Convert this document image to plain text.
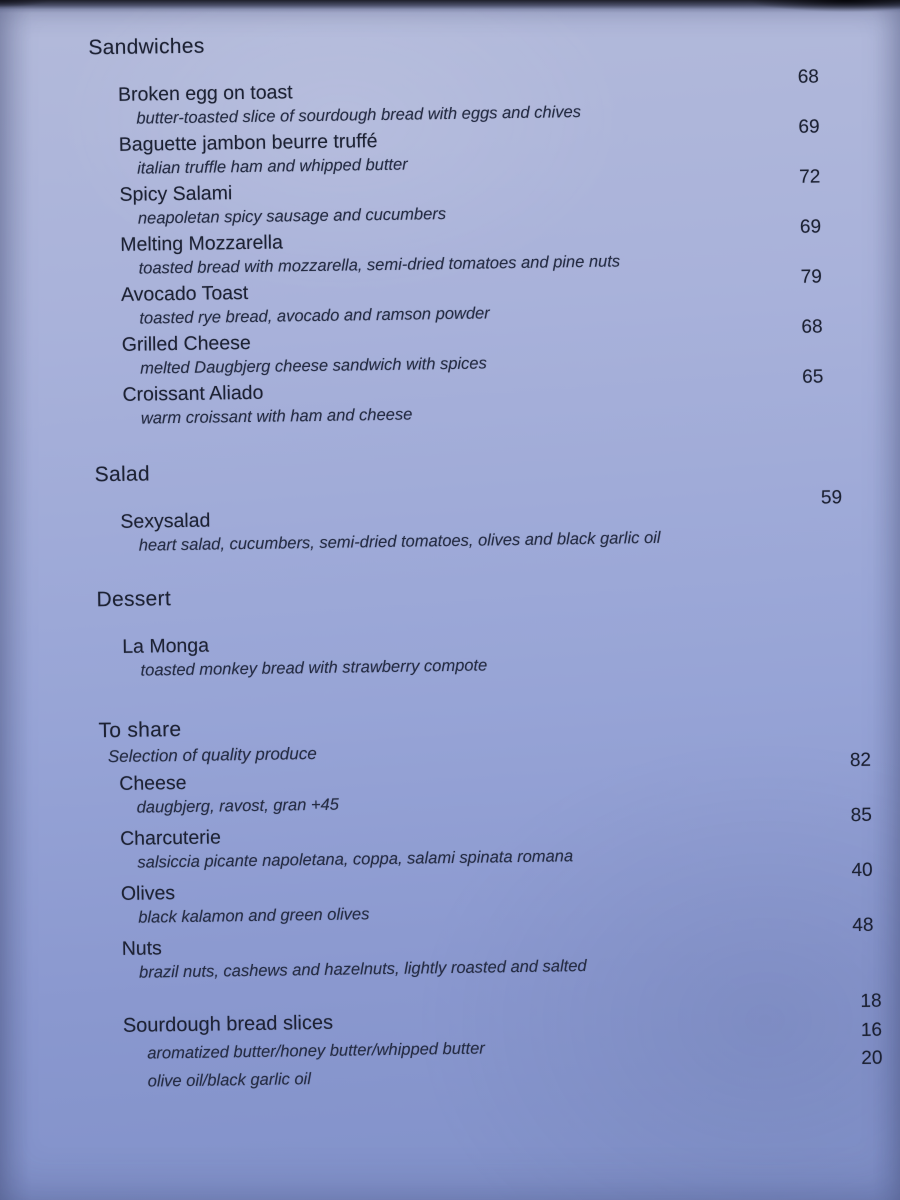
Sandwiches
Broken egg on toast
68
butter-toasted slice of sourdough bread with eggs and chives
Baguette jambon beurre truffé
69
italian truffle ham and whipped butter
Spicy Salami
72
neapoletan spicy sausage and cucumbers
Melting Mozzarella
69
toasted bread with mozzarella, semi-dried tomatoes and pine nuts
Avocado Toast
79
toasted rye bread, avocado and ramson powder
Grilled Cheese
68
melted Daugbjerg cheese sandwich with spices
Croissant Aliado
65
warm croissant with ham and cheese
Salad
Sexysalad
59
heart salad, cucumbers, semi-dried tomatoes, olives and black garlic oil
Dessert
La Monga
toasted monkey bread with strawberry compote
To share
Selection of quality produce
Cheese
82
daugbjerg, ravost, gran +45
Charcuterie
85
salsiccia picante napoletana, coppa, salami spinata romana
Olives
40
black kalamon and green olives
Nuts
48
brazil nuts, cashews and hazelnuts, lightly roasted and salted
Sourdough bread slices
18
aromatized butter/honey butter/whipped butter
16
olive oil/black garlic oil
20
